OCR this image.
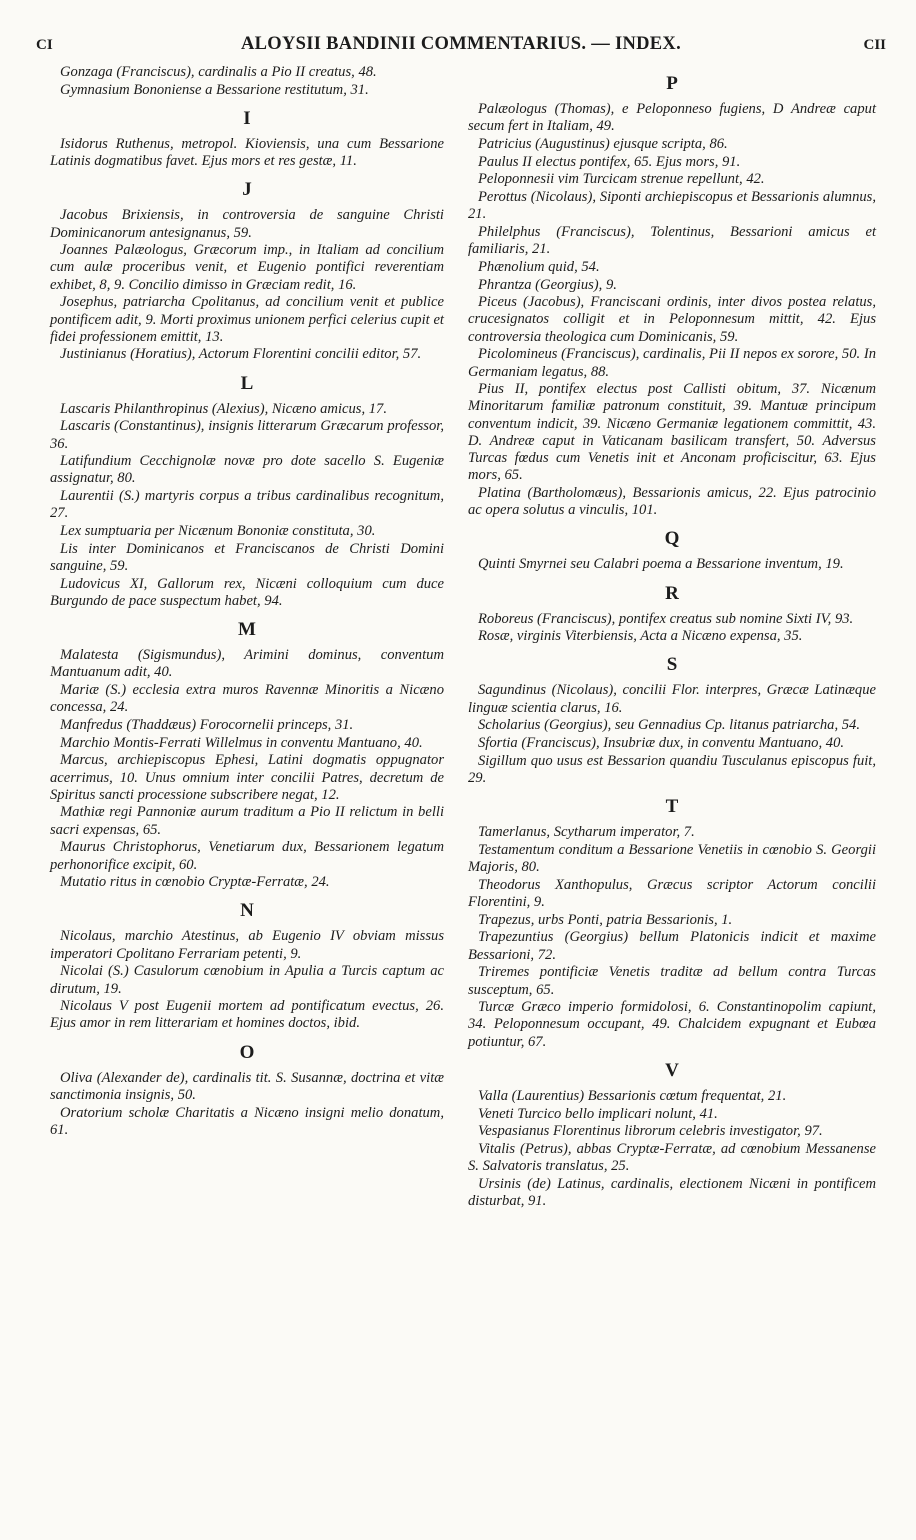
CI	ALOYSII BANDINII COMMENTARIUS. — INDEX.	CII

Gonzaga (Franciscus), cardinalis a Pio II creatus, 48.

Gymnasium Bononiense a Bessarione restitutum, 31.

I

Isidorus Ruthenus, metropol. Kioviensis, una cum Bessarione Latinis dogmatibus favet. Ejus mors et res gestæ, 11.

J

Jacobus Brixiensis, in controversia de sanguine Christi Dominicanorum antesignanus, 59.

Joannes Palæologus, Græcorum imp., in Italiam ad concilium cum aulæ proceribus venit, et Eugenio pontifici reverentiam exhibet, 8, 9. Concilio dimisso in Græciam redit, 16.

Josephus, patriarcha Cpolitanus, ad concilium venit et publice pontificem adit, 9. Morti proximus unionem perfici celerius cupit et fidei professionem emittit, 13.

Justinianus (Horatius), Actorum Florentini concilii editor, 57.

L

Lascaris Philanthropinus (Alexius), Nicæno amicus, 17.

Lascaris (Constantinus), insignis litterarum Græcarum professor, 36.

Latifundium Cecchignolæ novæ pro dote sacello S. Eugeniæ assignatur, 80.

Laurentii (S.) martyris corpus a tribus cardinalibus recognitum, 27.

Lex sumptuaria per Nicænum Bononiæ constituta, 30.

Lis inter Dominicanos et Franciscanos de Christi Domini sanguine, 59.

Ludovicus XI, Gallorum rex, Nicæni colloquium cum duce Burgundo de pace suspectum habet, 94.

M

Malatesta (Sigismundus), Arimini dominus, conventum Mantuanum adit, 40.

Mariæ (S.) ecclesia extra muros Ravennæ Minoritis a Nicæno concessa, 24.

Manfredus (Thaddæus) Forocornelii princeps, 31.

Marchio Montis-Ferrati Willelmus in conventu Mantuano, 40.

Marcus, archiepiscopus Ephesi, Latini dogmatis oppugnator acerrimus, 10. Unus omnium inter concilii Patres, decretum de Spiritus sancti processione subscribere negat, 12.

Mathiæ regi Pannoniæ aurum traditum a Pio II relictum in belli sacri expensas, 65.

Maurus Christophorus, Venetiarum dux, Bessarionem legatum perhonorifice excipit, 60.

Mutatio ritus in cœnobio Cryptæ-Ferratæ, 24.

N

Nicolaus, marchio Atestinus, ab Eugenio IV obviam missus imperatori Cpolitano Ferrariam petenti, 9.

Nicolai (S.) Casulorum cœnobium in Apulia a Turcis captum ac dirutum, 19.

Nicolaus V post Eugenii mortem ad pontificatum evectus, 26. Ejus amor in rem litterariam et homines doctos, ibid.

O

Oliva (Alexander de), cardinalis tit. S. Susannæ, doctrina et vitæ sanctimonia insignis, 50.

Oratorium scholæ Charitatis a Nicæno insigni melio donatum, 61.

P

Palæologus (Thomas), e Peloponneso fugiens, D Andreæ caput secum fert in Italiam, 49.

Patricius (Augustinus) ejusque scripta, 86.

Paulus II electus pontifex, 65. Ejus mors, 91.

Peloponnesii vim Turcicam strenue repellunt, 42.

Perottus (Nicolaus), Siponti archiepiscopus et Bessarionis alumnus, 21.

Philelphus (Franciscus), Tolentinus, Bessarioni amicus et familiaris, 21.

Phænolium quid, 54.

Phrantza (Georgius), 9.

Piceus (Jacobus), Franciscani ordinis, inter divos postea relatus, crucesignatos colligit et in Peloponnesum mittit, 42. Ejus controversia theologica cum Dominicanis, 59.

Picolomineus (Franciscus), cardinalis, Pii II nepos ex sorore, 50. In Germaniam legatus, 88.

Pius II, pontifex electus post Callisti obitum, 37. Nicænum Minoritarum familiæ patronum constituit, 39. Mantuæ principum conventum indicit, 39. Nicæno Germaniæ legationem committit, 43. D. Andreæ caput in Vaticanam basilicam transfert, 50. Adversus Turcas fœdus cum Venetis init et Anconam proficiscitur, 63. Ejus mors, 65.

Platina (Bartholomæus), Bessarionis amicus, 22. Ejus patrocinio ac opera solutus a vinculis, 101.

Q

Quinti Smyrnei seu Calabri poema a Bessarione inventum, 19.

R

Roboreus (Franciscus), pontifex creatus sub nomine Sixti IV, 93.

Rosæ, virginis Viterbiensis, Acta a Nicæno expensa, 35.

S

Sagundinus (Nicolaus), concilii Flor. interpres, Græcæ Latinæque linguæ scientia clarus, 16.

Scholarius (Georgius), seu Gennadius Cp. litanus patriarcha, 54.

Sfortia (Franciscus), Insubriæ dux, in conventu Mantuano, 40.

Sigillum quo usus est Bessarion quandiu Tusculanus episcopus fuit, 29.

T

Tamerlanus, Scytharum imperator, 7.

Testamentum conditum a Bessarione Venetiis in cœnobio S. Georgii Majoris, 80.

Theodorus Xanthopulus, Græcus scriptor Actorum concilii Florentini, 9.

Trapezus, urbs Ponti, patria Bessarionis, 1.

Trapezuntius (Georgius) bellum Platonicis indicit et maxime Bessarioni, 72.

Triremes pontificiæ Venetis traditæ ad bellum contra Turcas susceptum, 65.

Turcæ Græco imperio formidolosi, 6. Constantinopolim capiunt, 34. Peloponnesum occupant, 49. Chalcidem expugnant et Eubœa potiuntur, 67.

V

Valla (Laurentius) Bessarionis cœtum frequentat, 21.

Veneti Turcico bello implicari nolunt, 41.

Vespasianus Florentinus librorum celebris investigator, 97.

Vitalis (Petrus), abbas Cryptæ-Ferratæ, ad cœnobium Messanense S. Salvatoris translatus, 25.

Ursinis (de) Latinus, cardinalis, electionem Nicæni in pontificem disturbat, 91.
